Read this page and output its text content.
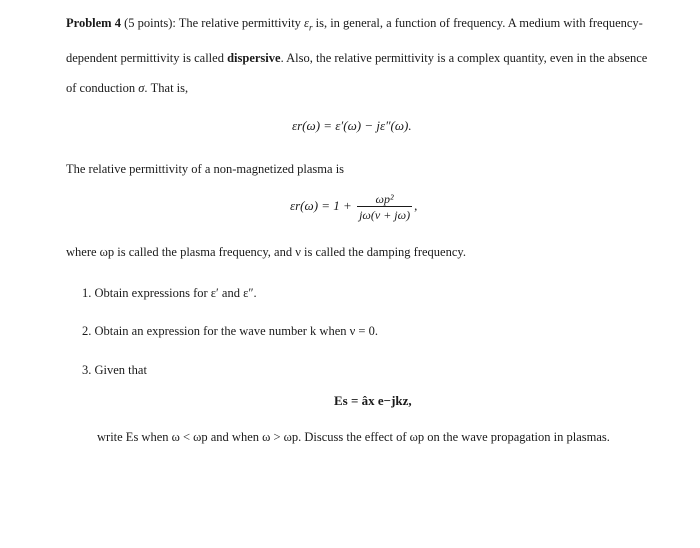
Problem 4 (5 points): The relative permittivity $\varepsilon_r$ is, in general, a function of frequency. A medium with frequency-dependent permittivity is called dispersive. Also, the relative permittivity is a complex quantity, even in the absence of conduction σ. That is,
εr(ω) = ε′(ω) − jε″(ω).
The relative permittivity of a non-magnetized plasma is
$\varepsilon r(\omega) = 1 + \frac{\text{ωp²}}{j\omega(\nu + j\omega)}$ ,
where ωp is called the plasma frequency, and ν is called the damping frequency.
1. Obtain expressions for ε′ and ε″.
2. Obtain an expression for the wave number k when ν = 0.
3. Given that
Es = âx e−jkz,
write Es when ω < ωp and when ω > ωp. Discuss the effect of ωp on the wave propagation in plasmas.
